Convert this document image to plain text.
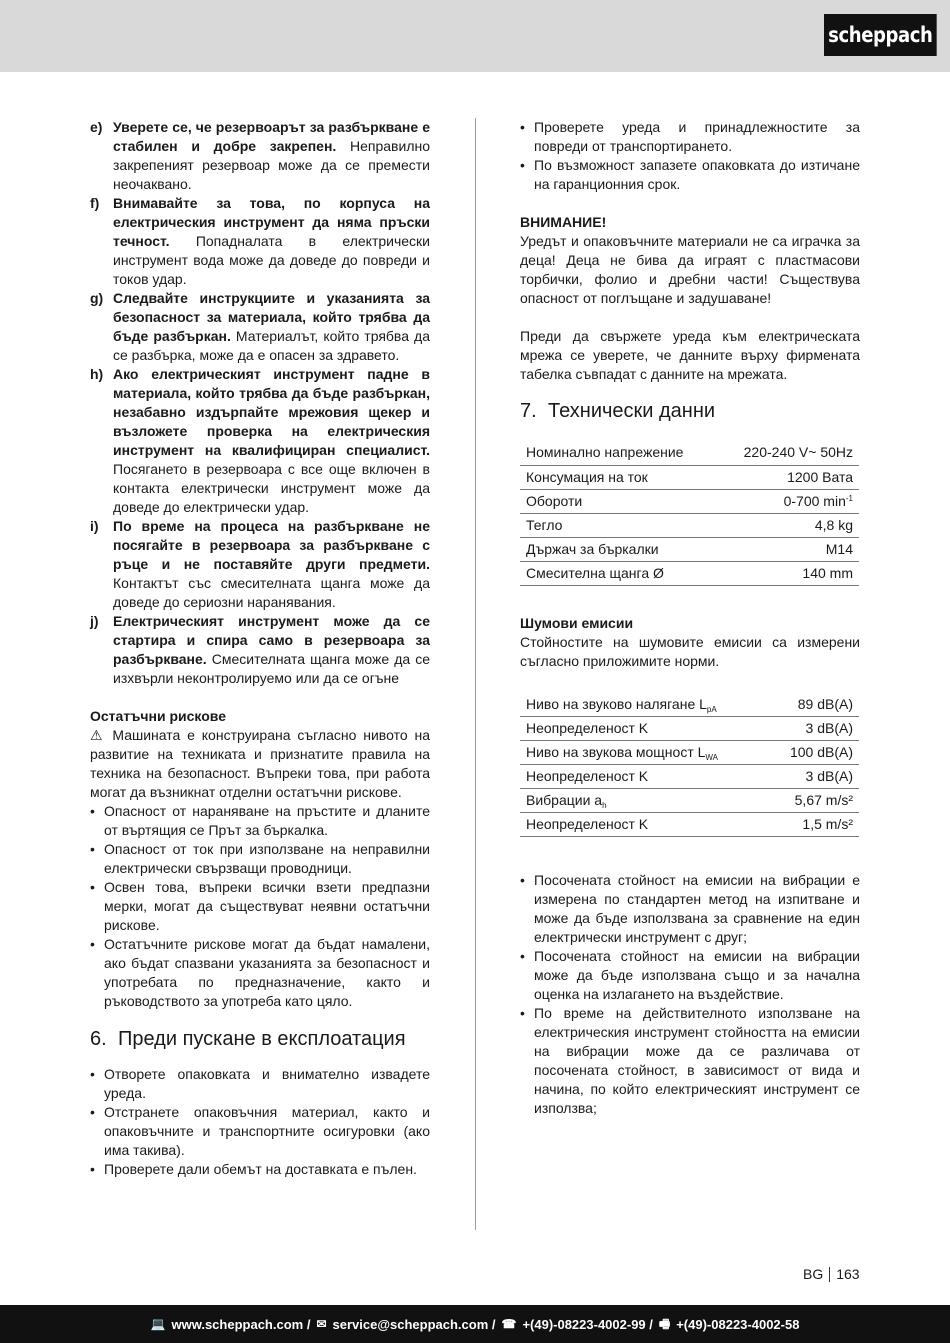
scheppach
e) Уверете се, че резервоарът за разбъркване е стабилен и добре закрепен. Неправилно закрепеният резервоар може да се премести неочаквано.
f) Внимавайте за това, по корпуса на електрическия инструмент да няма пръски течност. Попадналата в електрически инструмент вода може да доведе до повреди и токов удар.
g) Следвайте инструкциите и указанията за безопасност за материала, който трябва да бъде разбъркан. Материалът, който трябва да се разбърка, може да е опасен за здравето.
h) Ако електрическият инструмент падне в материала, който трябва да бъде разбъркан, незабавно издърпайте мрежовия щекер и възложете проверка на електрическия инструмент на квалифициран специалист. Посягането в резервоара с все още включен в контакта електрически инструмент може да доведе до електрически удар.
i)	По време на процеса на разбъркване не посягайте в резервоара за разбъркване с ръце и не поставяйте други предмети. Контактът със смесителната щанга може да доведе до сериозни наранявания.
j)	Електрическият инструмент може да се стартира и спира само в резервоара за разбъркване. Смесителната щанга може да се изхвърли неконтролируемо или да се огъне
Остатъчни рискове
⚠ Машината е конструирана съгласно нивото на развитие на техниката и признатите правила на техника на безопасност. Въпреки това, при работа могат да възникнат отделни остатъчни рискове.
• Опасност от нараняване на пръстите и дланите от въртящия се Прът за бъркалка.
• Опасност от ток при използване на неправилни електрически свързващи проводници.
• Освен това, въпреки всички взети предпазни мерки, могат да съществуват неявни остатъчни рискове.
• Остатъчните рискове могат да бъдат намалени, ако бъдат спазвани указанията за безопасност и употребата по предназначение, както и ръководството за употреба като цяло.
6. Преди пускане в експлоатация
• Отворете опаковката и внимателно извадете уреда.
• Отстранете опаковъчния материал, както и опаковъчните и транспортните осигуровки (ако има такива).
• Проверете дали обемът на доставката е пълен.
• Проверете уреда и принадлежностите за повреди от транспортирането.
• По възможност запазете опаковката до изтичане на гаранционния срок.
ВНИМАНИЕ!
Уредът и опаковъчните материали не са играчка за деца! Деца не бива да играят с пластмасови торбички, фолио и дребни части! Съществува опасност от поглъщане и задушаване!
Преди да свържете уреда към електрическата мрежа се уверете, че данните върху фирмената табелка съвпадат с данните на мрежата.
7. Технически данни
Номинално напрежение	220-240 V~ 50Hz
Консумация на ток	1200 Вата
Обороти	0-700 $\min^{-1}$
Тегло	4,8 kg
Държач за бъркалки	M14
Смесителна щанга Ø	140 mm
Шумови емисии
Стойностите на шумовите емисии са измерени съгласно приложимите норми.
Ниво на звуково налягане $L_{pA}$	89 dB(A)
Неопределеност K	3 dB(A)
Ниво на звукова мощност $L_{WA}$	100 dB(A)
Неопределеност K	3 dB(A)
Вибрации $a_h$	5,67 m/s²
Неопределеност K	1,5 m/s²
• Посочената стойност на емисии на вибрации е измерена по стандартен метод на изпитване и може да бъде използвана за сравнение на един електрически инструмент с друг;
• Посочената стойност на емисии на вибрации може да бъде използвана също и за начална оценка на излагането на въздействие.
• По време на действителното използване на електрическия инструмент стойността на емисии на вибрации може да се различава от посочената стойност, в зависимост от вида и начина, по който електрическият инструмент се използва;
BG 163
💻 www.scheppach.com / ✉ service@scheppach.com / ☎ +(49)-08223-4002-99 / 🖷 +(49)-08223-4002-58
